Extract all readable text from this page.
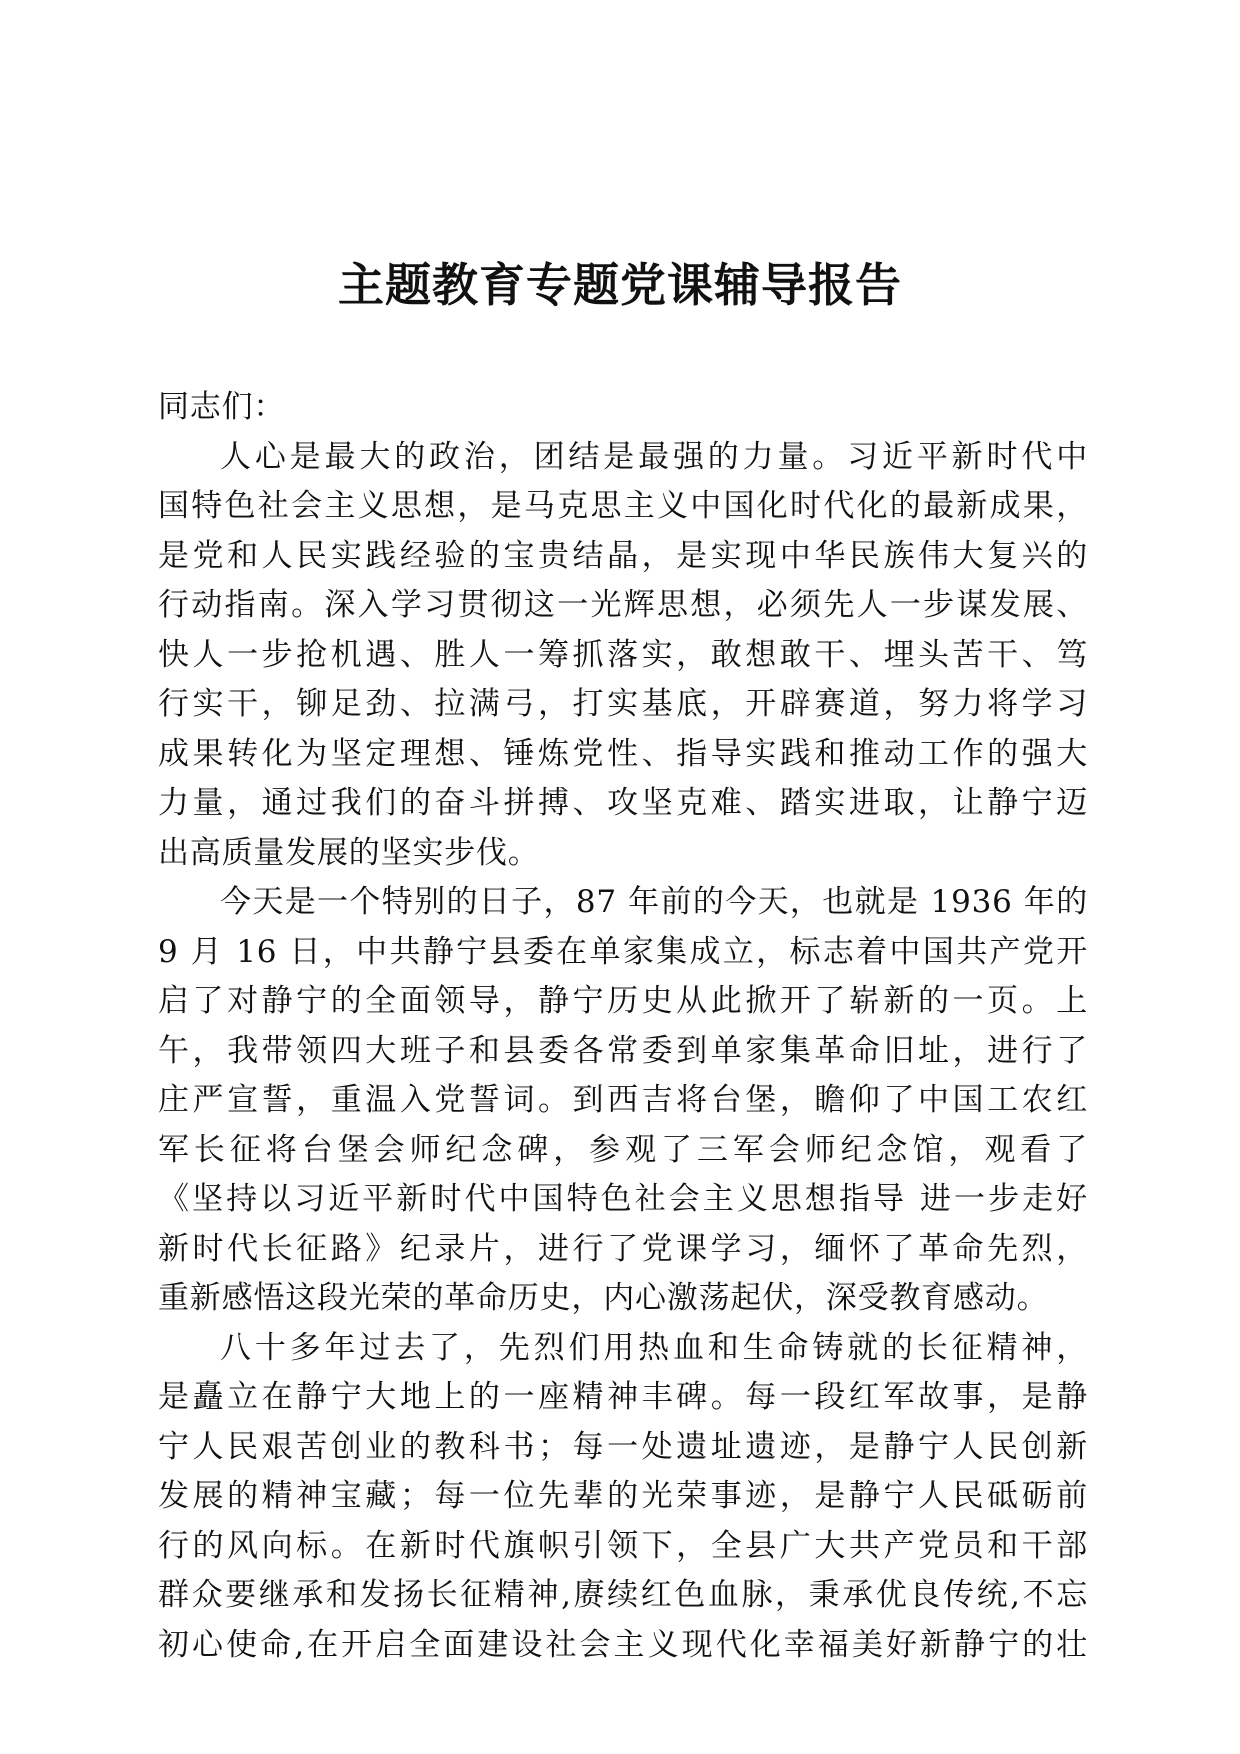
主题教育专题党课辅导报告

同志们：

人心是最大的政治，团结是最强的力量。习近平新时代中
国特色社会主义思想，是马克思主义中国化时代化的最新成果，
是党和人民实践经验的宝贵结晶，是实现中华民族伟大复兴的
行动指南。深入学习贯彻这一光辉思想，必须先人一步谋发展、
快人一步抢机遇、胜人一筹抓落实，敢想敢干、埋头苦干、笃
行实干，铆足劲、拉满弓，打实基底，开辟赛道，努力将学习
成果转化为坚定理想、锤炼党性、指导实践和推动工作的强大
力量，通过我们的奋斗拼搏、攻坚克难、踏实进取，让静宁迈
出高质量发展的坚实步伐。
今天是一个特别的日子，87 年前的今天，也就是 1936 年的
9 月 16 日，中共静宁县委在单家集成立，标志着中国共产党开
启了对静宁的全面领导，静宁历史从此掀开了崭新的一页。上
午，我带领四大班子和县委各常委到单家集革命旧址，进行了
庄严宣誓，重温入党誓词。到西吉将台堡，瞻仰了中国工农红
军长征将台堡会师纪念碑，参观了三军会师纪念馆，观看了
《坚持以习近平新时代中国特色社会主义思想指导 进一步走好
新时代长征路》纪录片，进行了党课学习，缅怀了革命先烈，
重新感悟这段光荣的革命历史，内心激荡起伏，深受教育感动。
八十多年过去了，先烈们用热血和生命铸就的长征精神，
是矗立在静宁大地上的一座精神丰碑。每一段红军故事，是静
宁人民艰苦创业的教科书；每一处遗址遗迹，是静宁人民创新
发展的精神宝藏；每一位先辈的光荣事迹，是静宁人民砥砺前
行的风向标。在新时代旗帜引领下，全县广大共产党员和干部
群众要继承和发扬长征精神,赓续红色血脉，秉承优良传统,不忘
初心使命,在开启全面建设社会主义现代化幸福美好新静宁的壮
